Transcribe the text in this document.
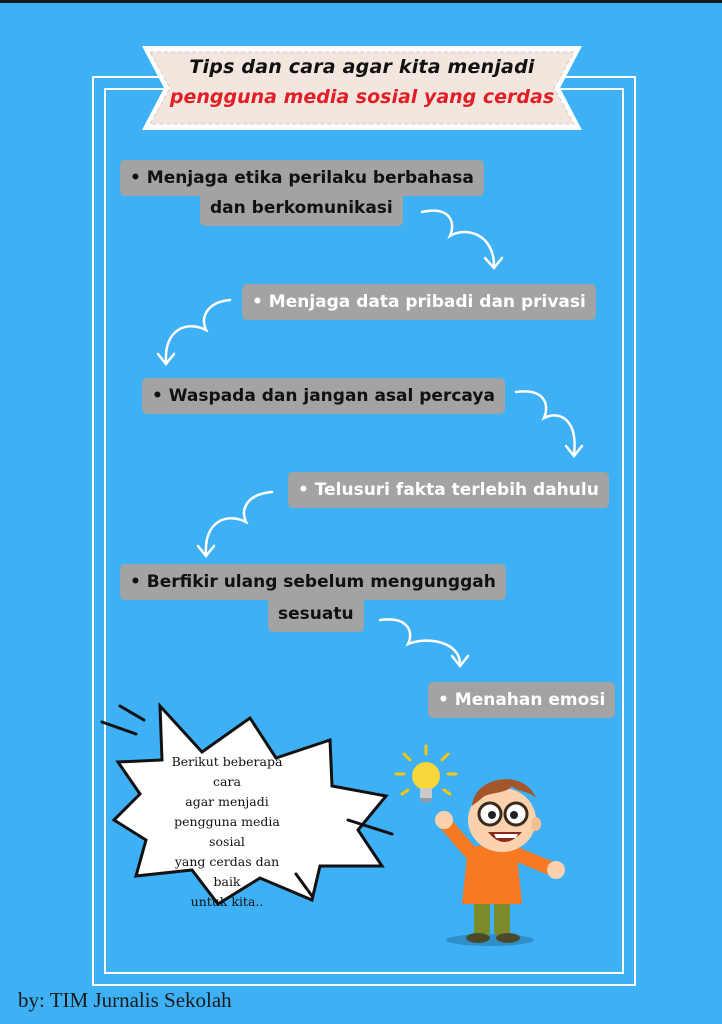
Tips dan cara agar kita menjadi
pengguna media sosial yang cerdas
• Menjaga etika perilaku berbahasa
dan berkomunikasi
• Menjaga data pribadi dan privasi
• Waspada dan jangan asal percaya
• Telusuri fakta terlebih dahulu
• Berfikir ulang sebelum mengunggah
sesuatu
• Menahan emosi
Berikut beberapa cara
agar menjadi
pengguna media sosial
yang cerdas dan baik
untuk kita..
by: TIM Jurnalis Sekolah
